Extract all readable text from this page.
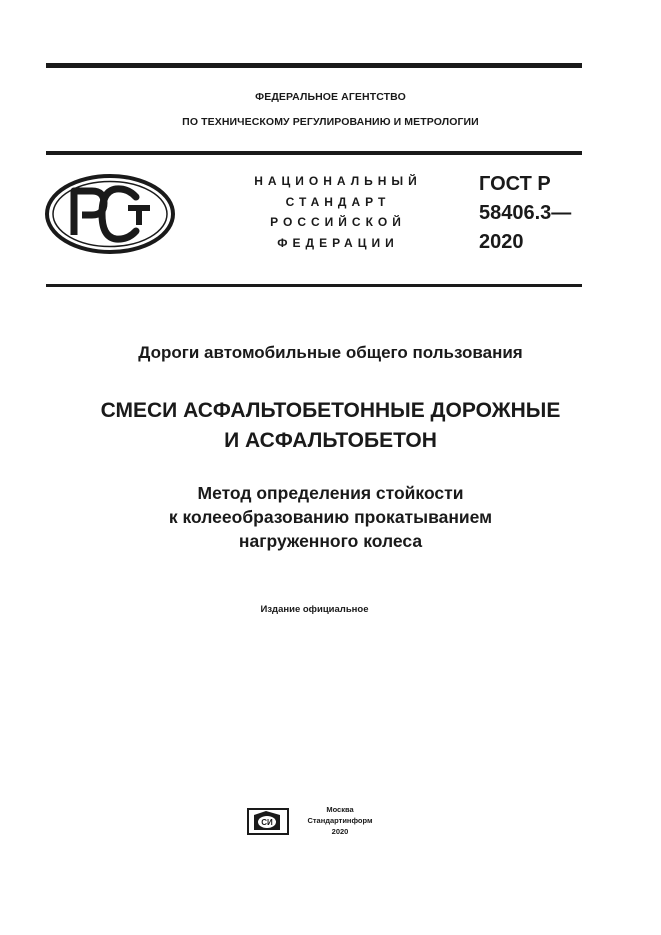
ФЕДЕРАЛЬНОЕ АГЕНТСТВО
ПО ТЕХНИЧЕСКОМУ РЕГУЛИРОВАНИЮ И МЕТРОЛОГИИ
НАЦИОНАЛЬНЫЙ
СТАНДАРТ
РОССИЙСКОЙ
ФЕДЕРАЦИИ
ГОСТ Р
58406.3—
2020
Дороги автомобильные общего пользования
СМЕСИ АСФАЛЬТОБЕТОННЫЕ ДОРОЖНЫЕ
И АСФАЛЬТОБЕТОН
Метод определения стойкости
к колееобразованию прокатыванием
нагруженного колеса
Издание официальное
СИ
Москва
Стандартинформ
2020
